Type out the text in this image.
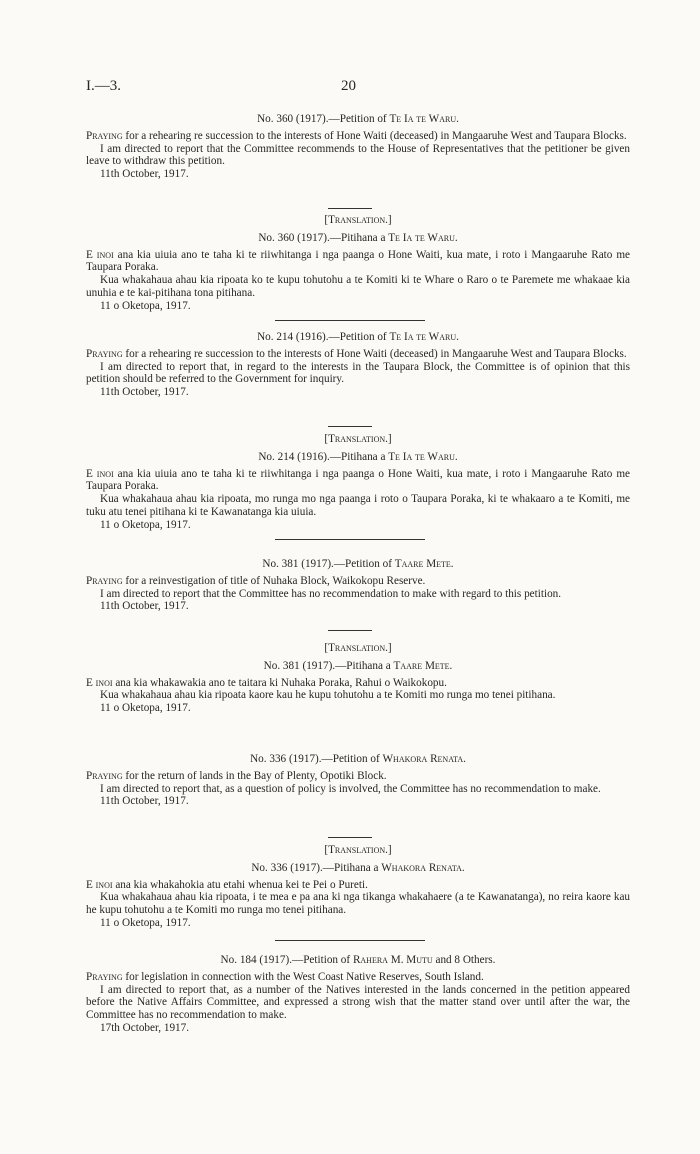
I.—3.	20

No. 360 (1917).—Petition of Te Ia te Waru.

Praying for a rehearing re succession to the interests of Hone Waiti (deceased) in Mangaaruhe West and Taupara Blocks.

I am directed to report that the Committee recommends to the House of Representatives that the petitioner be given leave to withdraw this petition.

11th October, 1917.

[Translation.]

No. 360 (1917).—Pitihana a Te Ia te Waru.

E inoi ana kia uiuia ano te taha ki te riiwhitanga i nga paanga o Hone Waiti, kua mate, i roto i Mangaaruhe Rato me Taupara Poraka.

Kua whakahaua ahau kia ripoata ko te kupu tohutohu a te Komiti ki te Whare o Raro o te Paremete me whakaae kia unuhia e te kai-pitihana tona pitihana.

11 o Oketopa, 1917.

No. 214 (1916).—Petition of Te Ia te Waru.

Praying for a rehearing re succession to the interests of Hone Waiti (deceased) in Mangaaruhe West and Taupara Blocks.

I am directed to report that, in regard to the interests in the Taupara Block, the Committee is of opinion that this petition should be referred to the Government for inquiry.

11th October, 1917.

[Translation.]

No. 214 (1916).—Pitihana a Te Ia te Waru.

E inoi ana kia uiuia ano te taha ki te riiwhitanga i nga paanga o Hone Waiti, kua mate, i roto i Mangaaruhe Rato me Taupara Poraka.

Kua whakahaua ahau kia ripoata, mo runga mo nga paanga i roto o Taupara Poraka, ki te whakaaro a te Komiti, me tuku atu tenei pitihana ki te Kawanatanga kia uiuia.

11 o Oketopa, 1917.

No. 381 (1917).—Petition of Taare Mete.

Praying for a reinvestigation of title of Nuhaka Block, Waikokopu Reserve.

I am directed to report that the Committee has no recommendation to make with regard to this petition.

11th October, 1917.

[Translation.]

No. 381 (1917).—Pitihana a Taare Mete.

E inoi ana kia whakawakia ano te taitara ki Nuhaka Poraka, Rahui o Waikokopu.

Kua whakahaua ahau kia ripoata kaore kau he kupu tohutohu a te Komiti mo runga mo tenei pitihana.

11 o Oketopa, 1917.

No. 336 (1917).—Petition of Whakora Renata.

Praying for the return of lands in the Bay of Plenty, Opotiki Block.

I am directed to report that, as a question of policy is involved, the Committee has no recommendation to make.

11th October, 1917.

[Translation.]

No. 336 (1917).—Pitihana a Whakora Renata.

E inoi ana kia whakahokia atu etahi whenua kei te Pei o Pureti.

Kua whakahaua ahau kia ripoata, i te mea e pa ana ki nga tikanga whakahaere (a te Kawanatanga), no reira kaore kau he kupu tohutohu a te Komiti mo runga mo tenei pitihana.

11 o Oketopa, 1917.

No. 184 (1917).—Petition of Rahera M. Mutu and 8 Others.

Praying for legislation in connection with the West Coast Native Reserves, South Island.

I am directed to report that, as a number of the Natives interested in the lands concerned in the petition appeared before the Native Affairs Committee, and expressed a strong wish that the matter stand over until after the war, the Committee has no recommendation to make.

17th October, 1917.
